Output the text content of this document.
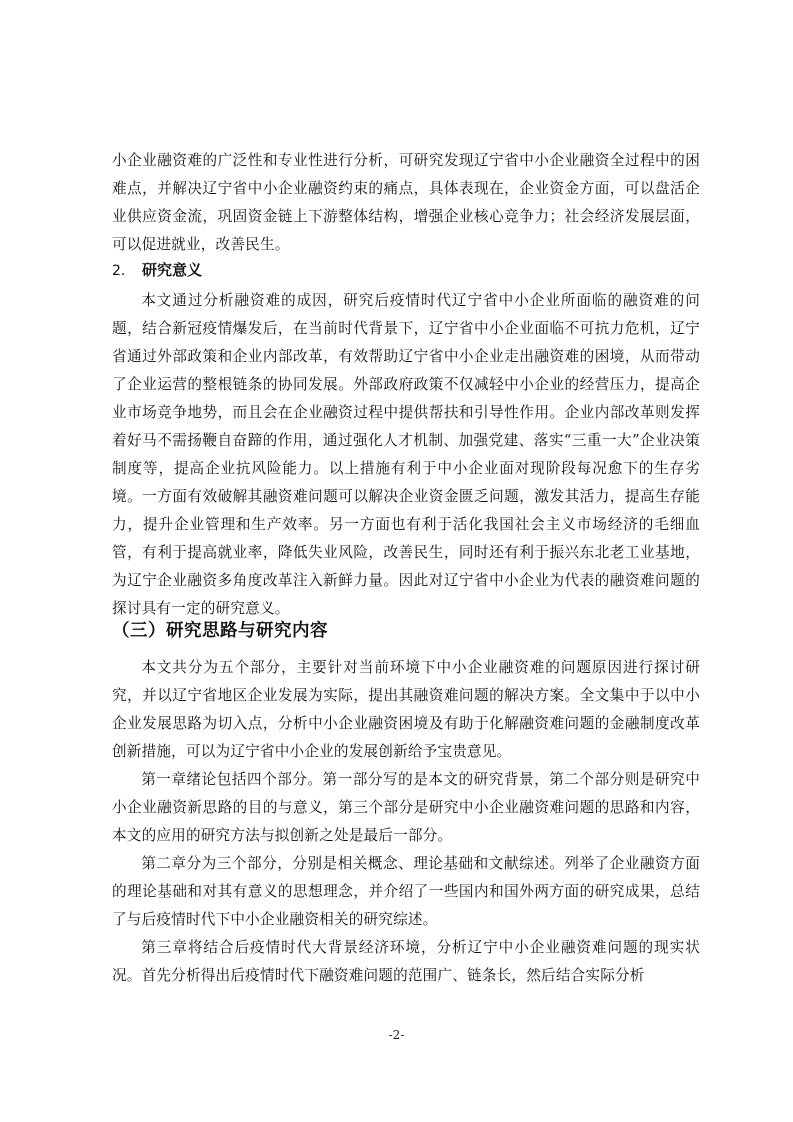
小企业融资难的广泛性和专业性进行分析，可研究发现辽宁省中小企业融资全过程中的困难点，并解决辽宁省中小企业融资约束的痛点，具体表现在，企业资金方面，可以盘活企业供应资金流，巩固资金链上下游整体结构，增强企业核心竞争力；社会经济发展层面，可以促进就业，改善民生。

2. 研究意义

本文通过分析融资难的成因，研究后疫情时代辽宁省中小企业所面临的融资难的问题，结合新冠疫情爆发后，在当前时代背景下，辽宁省中小企业面临不可抗力危机，辽宁省通过外部政策和企业内部改革，有效帮助辽宁省中小企业走出融资难的困境，从而带动了企业运营的整根链条的协同发展。外部政府政策不仅减轻中小企业的经营压力，提高企业市场竞争地势，而且会在企业融资过程中提供帮扶和引导性作用。企业内部改革则发挥着好马不需扬鞭自奋蹄的作用，通过强化人才机制、加强党建、落实“三重一大”企业决策制度等，提高企业抗风险能力。以上措施有利于中小企业面对现阶段每况愈下的生存劣境。一方面有效破解其融资难问题可以解决企业资金匮乏问题，激发其活力，提高生存能力，提升企业管理和生产效率。另一方面也有利于活化我国社会主义市场经济的毛细血管，有利于提高就业率，降低失业风险，改善民生，同时还有利于振兴东北老工业基地，为辽宁企业融资多角度改革注入新鲜力量。因此对辽宁省中小企业为代表的融资难问题的探讨具有一定的研究意义。

（三）研究思路与研究内容

本文共分为五个部分，主要针对当前环境下中小企业融资难的问题原因进行探讨研究，并以辽宁省地区企业发展为实际，提出其融资难问题的解决方案。全文集中于以中小企业发展思路为切入点，分析中小企业融资困境及有助于化解融资难问题的金融制度改革创新措施，可以为辽宁省中小企业的发展创新给予宝贵意见。

第一章绪论包括四个部分。第一部分写的是本文的研究背景，第二个部分则是研究中小企业融资新思路的目的与意义，第三个部分是研究中小企业融资难问题的思路和内容，本文的应用的研究方法与拟创新之处是最后一部分。

第二章分为三个部分，分别是相关概念、理论基础和文献综述。列举了企业融资方面的理论基础和对其有意义的思想理念，并介绍了一些国内和国外两方面的研究成果，总结了与后疫情时代下中小企业融资相关的研究综述。

第三章将结合后疫情时代大背景经济环境，分析辽宁中小企业融资难问题的现实状况。首先分析得出后疫情时代下融资难问题的范围广、链条长，然后结合实际分析

-2-
